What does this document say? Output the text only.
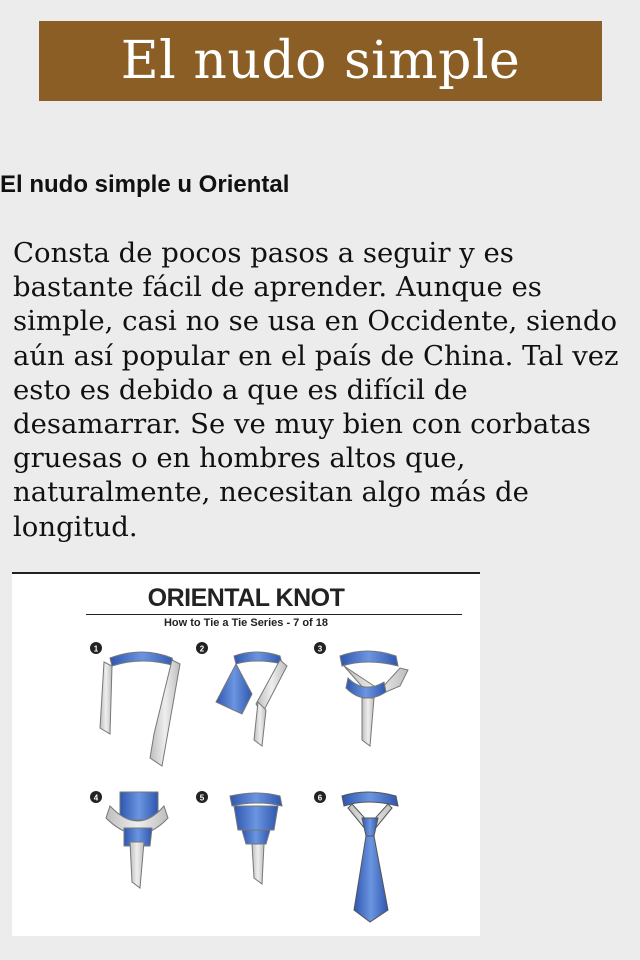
El nudo simple
El nudo simple u Oriental

Consta de pocos pasos a seguir y es bastante fácil de aprender. Aunque es simple, casi no se usa en Occidente, siendo aún así popular en el país de China. Tal vez esto es debido a que es difícil de desamarrar. Se ve muy bien con corbatas gruesas o en hombres altos que, naturalmente, necesitan algo más de longitud.

ORIENTAL KNOT
How to Tie a Tie Series - 7 of 18
1	2	3
4	5	6
